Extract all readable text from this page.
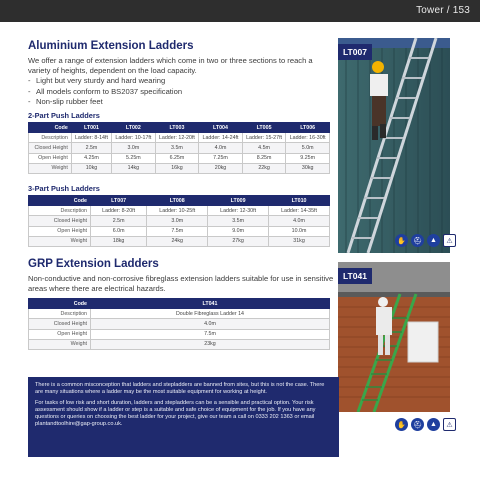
Tower / 153
Aluminium Extension Ladders

We offer a range of extension ladders which come in two or three sections to reach a variety of heights, dependent on the load capacity.

- Light but very sturdy and hard wearing
- All models conform to BS2037 specification
- Non-slip rubber feet
2-Part Push Ladders
Code	LT001	LT002	LT003	LT004	LT005	LT006
Description	Ladder: 8-14ft	Ladder: 10-17ft	Ladder: 12-20ft	Ladder: 14-24ft	Ladder: 15-27ft	Ladder: 16-30ft
Closed Height	2.5m	3.0m	3.5m	4.0m	4.5m	5.0m
Open Height	4.25m	5.25m	6.25m	7.25m	8.25m	9.25m
Weight	10kg	14kg	16kg	20kg	22kg	30kg
3-Part Push Ladders
Code	LT007	LT008	LT009	LT010
Description	Ladder: 8-20ft	Ladder: 10-25ft	Ladder: 12-30ft	Ladder: 14-35ft
Closed Height	2.5m	3.0m	3.5m	4.0m
Open Height	6.0m	7.5m	9.0m	10.0m
Weight	18kg	24kg	27kg	31kg
LT007
✋	⛑	▲	⚠
GRP Extension Ladders

Non-conductive and non-corrosive fibreglass extension ladders suitable for use in sensitive areas where there are electrical hazards.

Code	LT041
Description	Double Fibreglass Ladder 14
Closed Height	4.0m
Open Height	7.5m
Weight	23kg
LT041
✋	⛑	▲	⚠

There is a common misconception that ladders and stepladders are banned from sites, but this is not the case. There are many situations where a ladder may be the most suitable equipment for working at height.

For tasks of low risk and short duration, ladders and stepladders can be a sensible and practical option. Your risk assessment should show if a ladder or step is a suitable and safe choice of equipment for the job. If you have any questions or queries on choosing the best ladder for your project, give our team a call on 0333 202 1363 or email plantandtoolhire@gap-group.co.uk.
